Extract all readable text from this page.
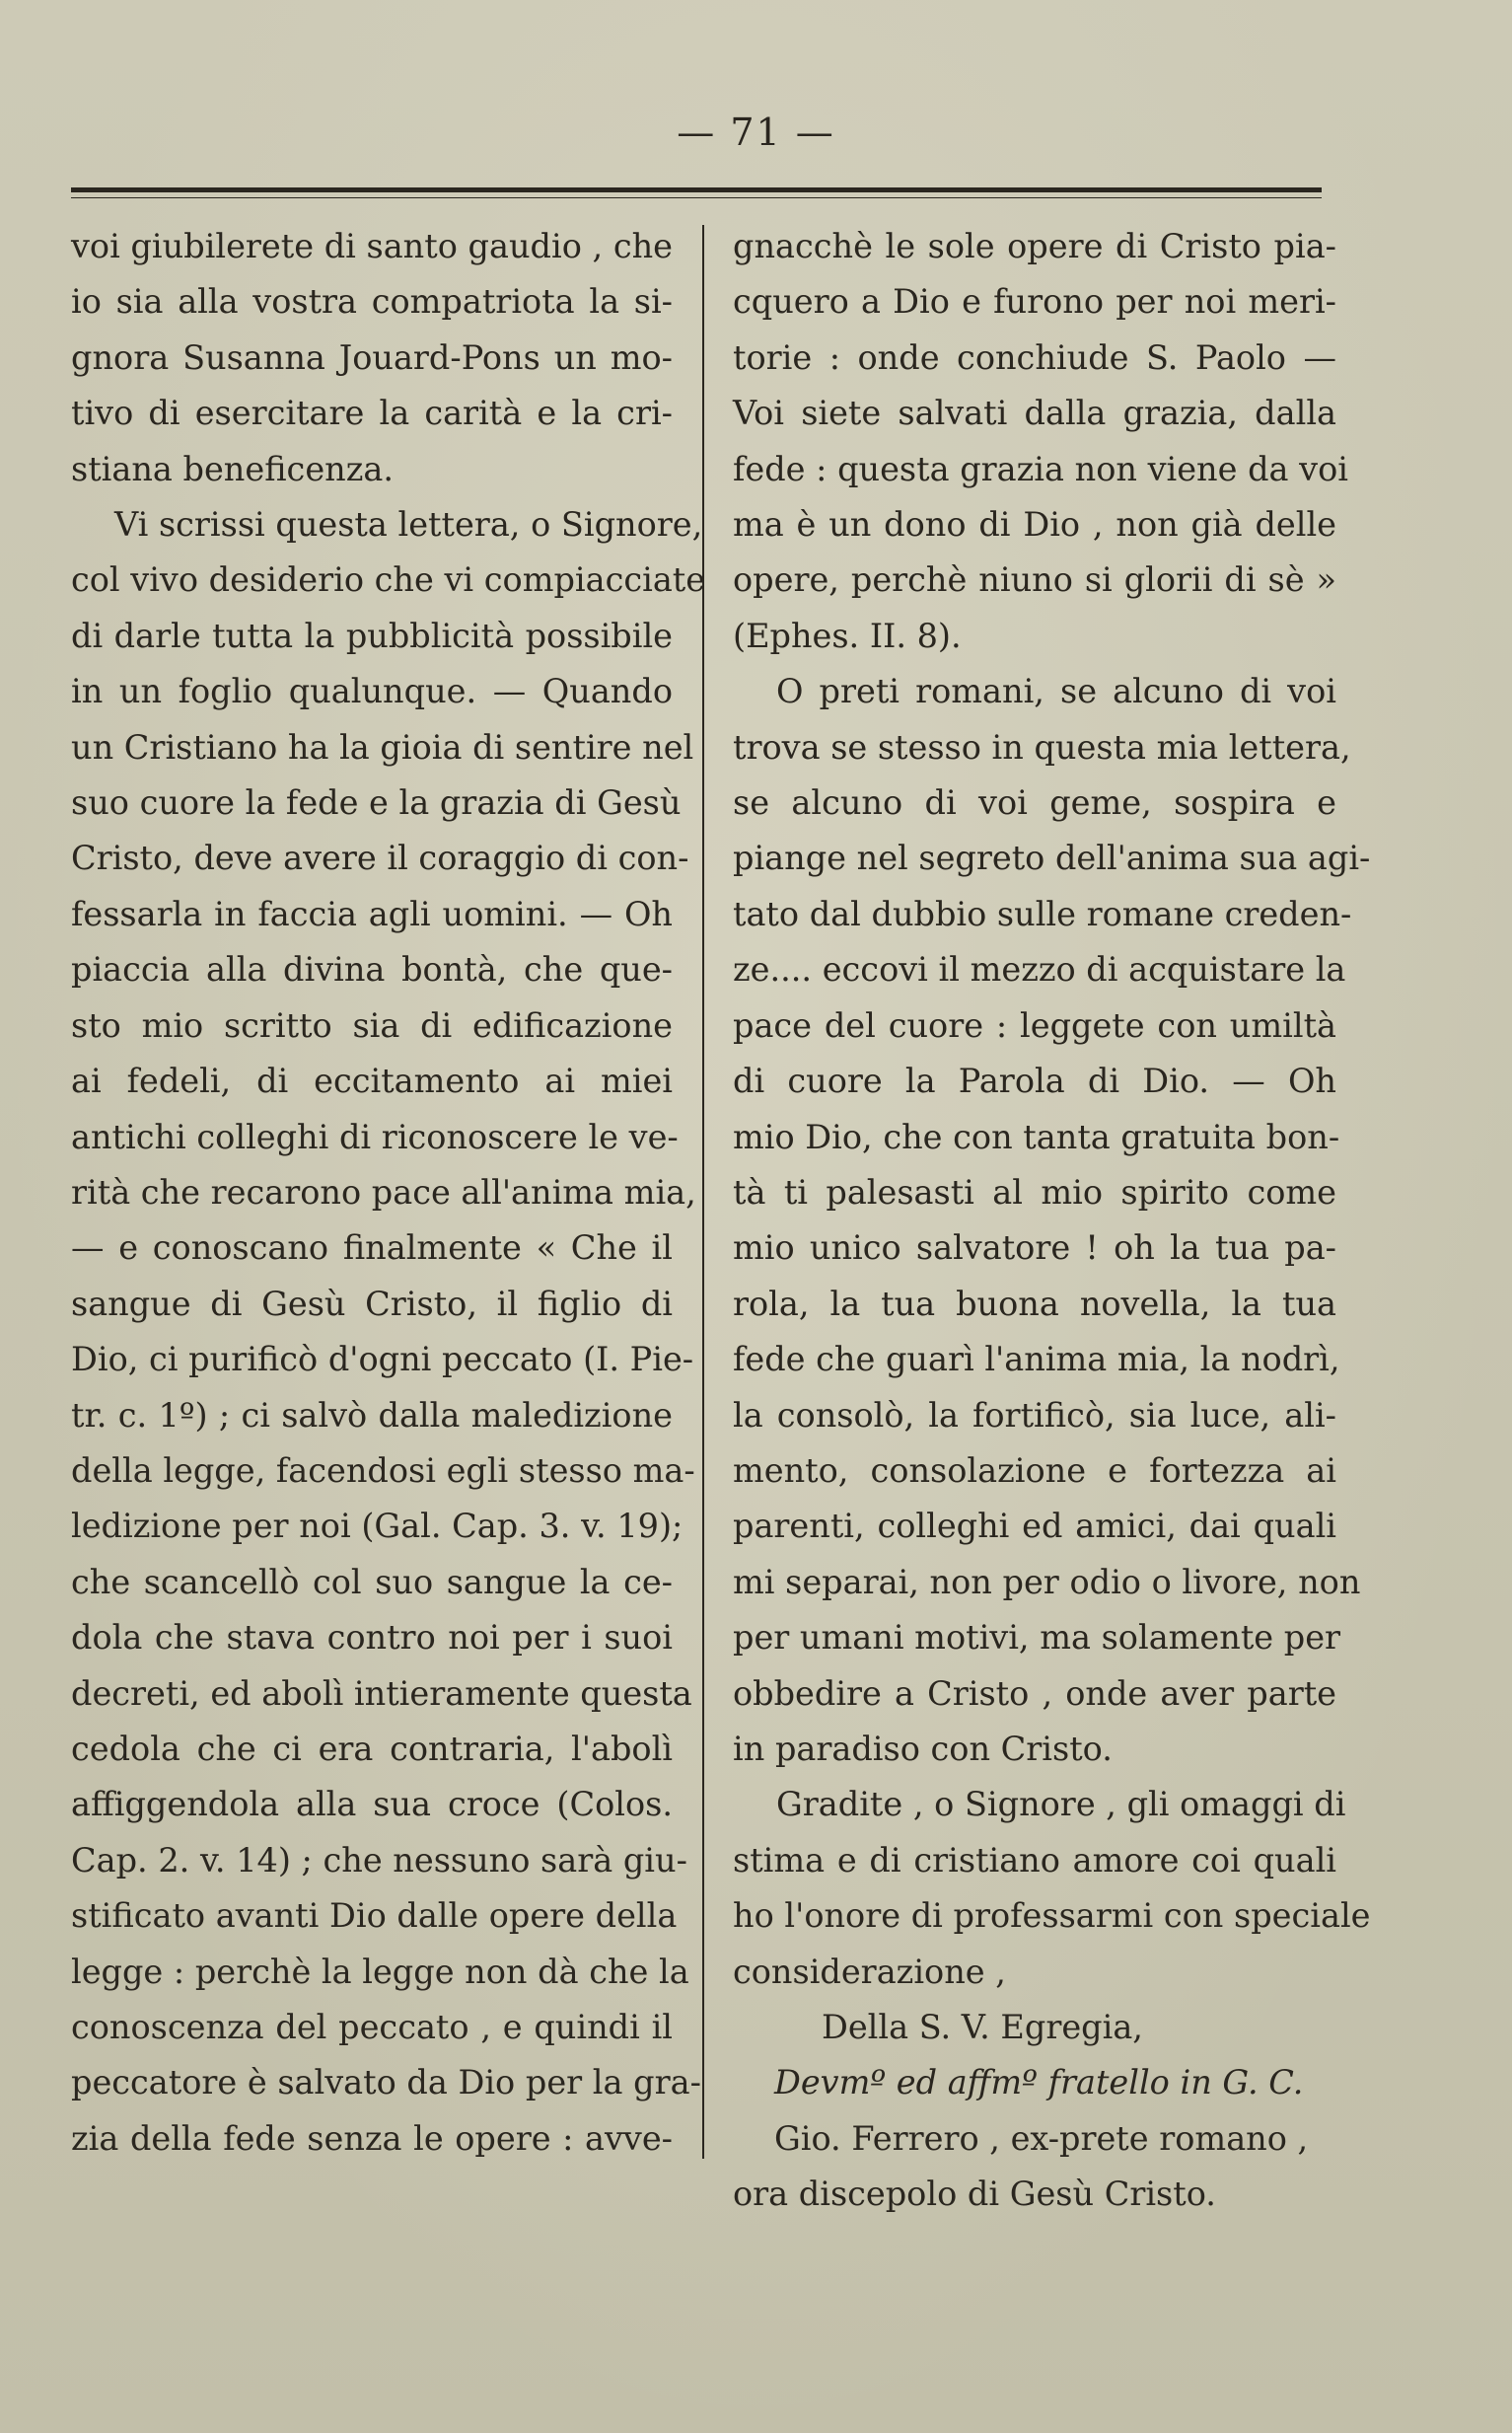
— 71 —
voi giubilerete di santo gaudio , che
io sia alla vostra compatriota la si-
gnora Susanna Jouard-Pons un mo-
tivo di esercitare la carità e la cri-
stiana beneficenza.
Vi scrissi questa lettera, o Signore,
col vivo desiderio che vi compiacciate
di darle tutta la pubblicità possibile
in un foglio qualunque. — Quando
un Cristiano ha la gioia di sentire nel
suo cuore la fede e la grazia di Gesù
Cristo, deve avere il coraggio di con-
fessarla in faccia agli uomini. — Oh
piaccia alla divina bontà, che que-
sto mio scritto sia di edificazione
ai fedeli, di eccitamento ai miei
antichi colleghi di riconoscere le ve-
rità che recarono pace all'anima mia,
— e conoscano finalmente « Che il
sangue di Gesù Cristo, il figlio di
Dio, ci purificò d'ogni peccato (I. Pie-
tr. c. 1º) ; ci salvò dalla maledizione
della legge, facendosi egli stesso ma-
ledizione per noi (Gal. Cap. 3. v. 19);
che scancellò col suo sangue la ce-
dola che stava contro noi per i suoi
decreti, ed abolì intieramente questa
cedola che ci era contraria, l'abolì
affiggendola alla sua croce (Colos.
Cap. 2. v. 14) ; che nessuno sarà giu-
stificato avanti Dio dalle opere della
legge : perchè la legge non dà che la
conoscenza del peccato , e quindi il
peccatore è salvato da Dio per la gra-
zia della fede senza le opere : avve-
gnacchè le sole opere di Cristo pia-
cquero a Dio e furono per noi meri-
torie : onde conchiude S. Paolo —
Voi siete salvati dalla grazia, dalla
fede : questa grazia non viene da voi
ma è un dono di Dio , non già delle
opere, perchè niuno si glorii di sè »
(Ephes. II. 8).
O preti romani, se alcuno di voi
trova se stesso in questa mia lettera,
se alcuno di voi geme, sospira e
piange nel segreto dell'anima sua agi-
tato dal dubbio sulle romane creden-
ze.... eccovi il mezzo di acquistare la
pace del cuore : leggete con umiltà
di cuore la Parola di Dio. — Oh
mio Dio, che con tanta gratuita bon-
tà ti palesasti al mio spirito come
mio unico salvatore ! oh la tua pa-
rola, la tua buona novella, la tua
fede che guarì l'anima mia, la nodrì,
la consolò, la fortificò, sia luce, ali-
mento, consolazione e fortezza ai
parenti, colleghi ed amici, dai quali
mi separai, non per odio o livore, non
per umani motivi, ma solamente per
obbedire a Cristo , onde aver parte
in paradiso con Cristo.
Gradite , o Signore , gli omaggi di
stima e di cristiano amore coi quali
ho l'onore di professarmi con speciale
considerazione ,
Della S. V. Egregia,
Devmº ed affmº fratello in G. C.
Gio. Ferrero , ex-prete romano ,
ora discepolo di Gesù Cristo.
